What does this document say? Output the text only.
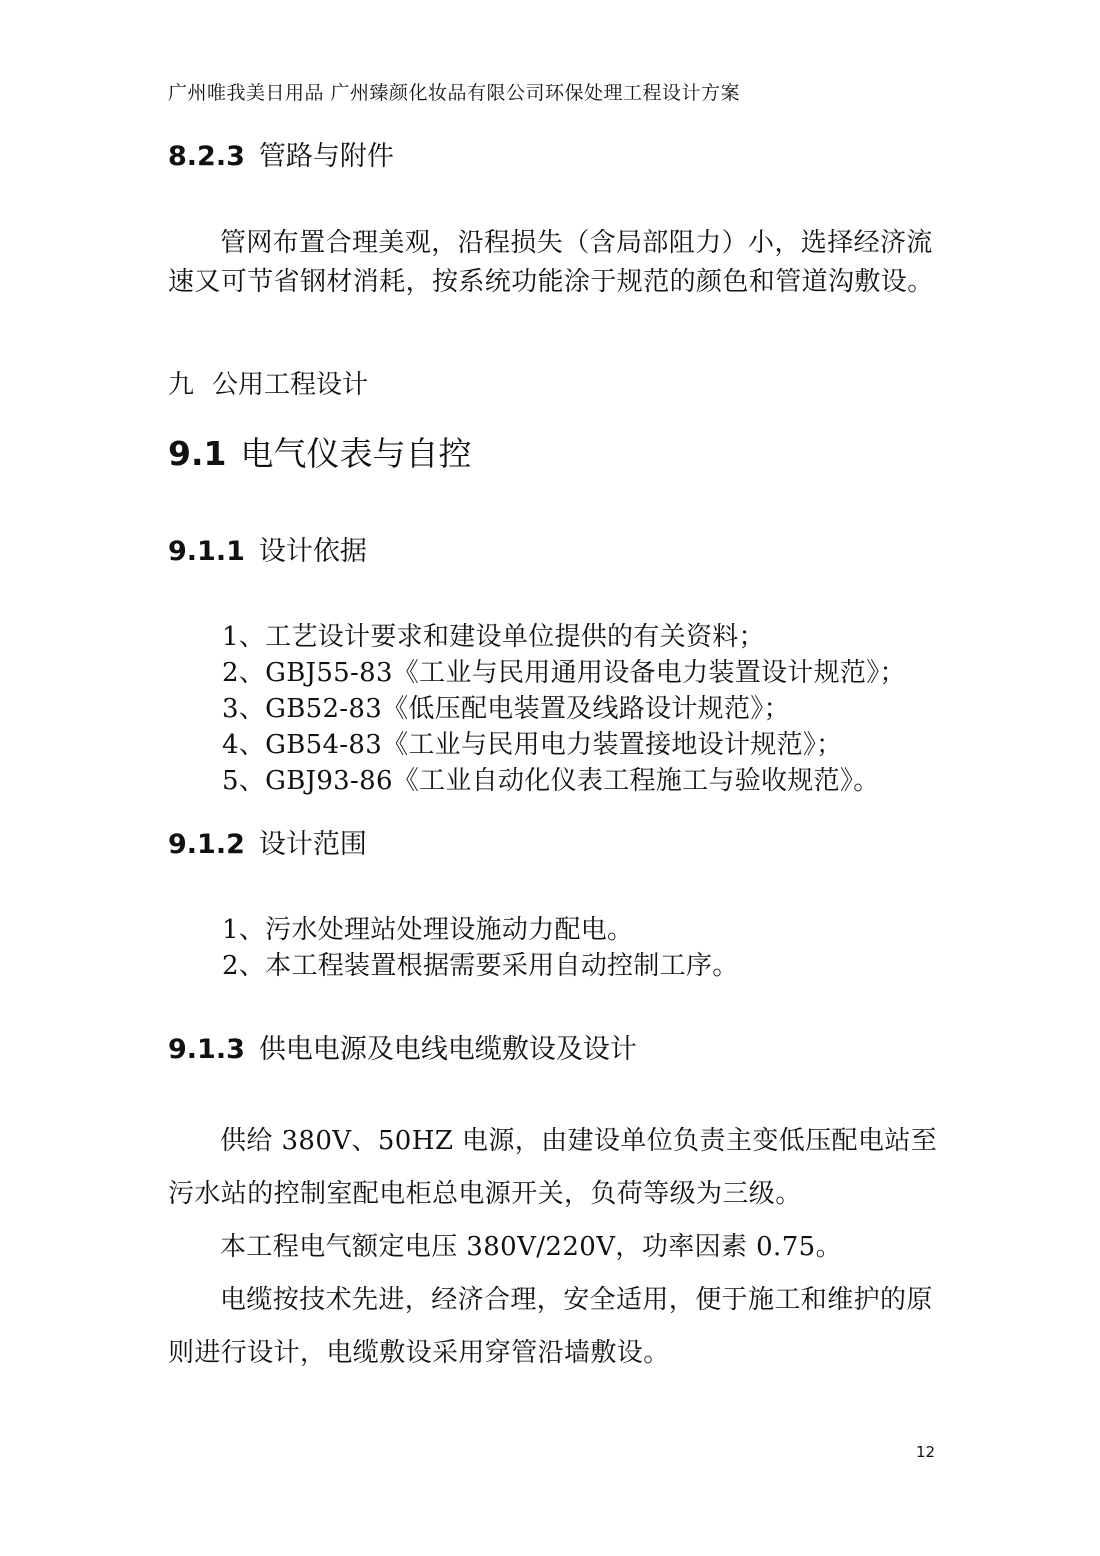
广州唯我美日用品 广州臻颜化妆品有限公司环保处理工程设计方案
8.2.3 管路与附件

管网布置合理美观，沿程损失（含局部阻力）小，选择经济流速又可节省钢材消耗，按系统功能涂于规范的颜色和管道沟敷设。

九 公用工程设计
9.1 电气仪表与自控
9.1.1 设计依据
1、工艺设计要求和建设单位提供的有关资料；
2、GBJ55-83《工业与民用通用设备电力装置设计规范》；
3、GB52-83《低压配电装置及线路设计规范》；
4、GB54-83《工业与民用电力装置接地设计规范》；
5、GBJ93-86《工业自动化仪表工程施工与验收规范》。
9.1.2 设计范围
1、污水处理站处理设施动力配电。
2、本工程装置根据需要采用自动控制工序。
9.1.3 供电电源及电线电缆敷设及设计

供给 380V、50HZ 电源，由建设单位负责主变低压配电站至污水站的控制室配电柜总电源开关，负荷等级为三级。

本工程电气额定电压 380V/220V，功率因素 0.75。

电缆按技术先进，经济合理，安全适用，便于施工和维护的原则进行设计，电缆敷设采用穿管沿墙敷设。

12
